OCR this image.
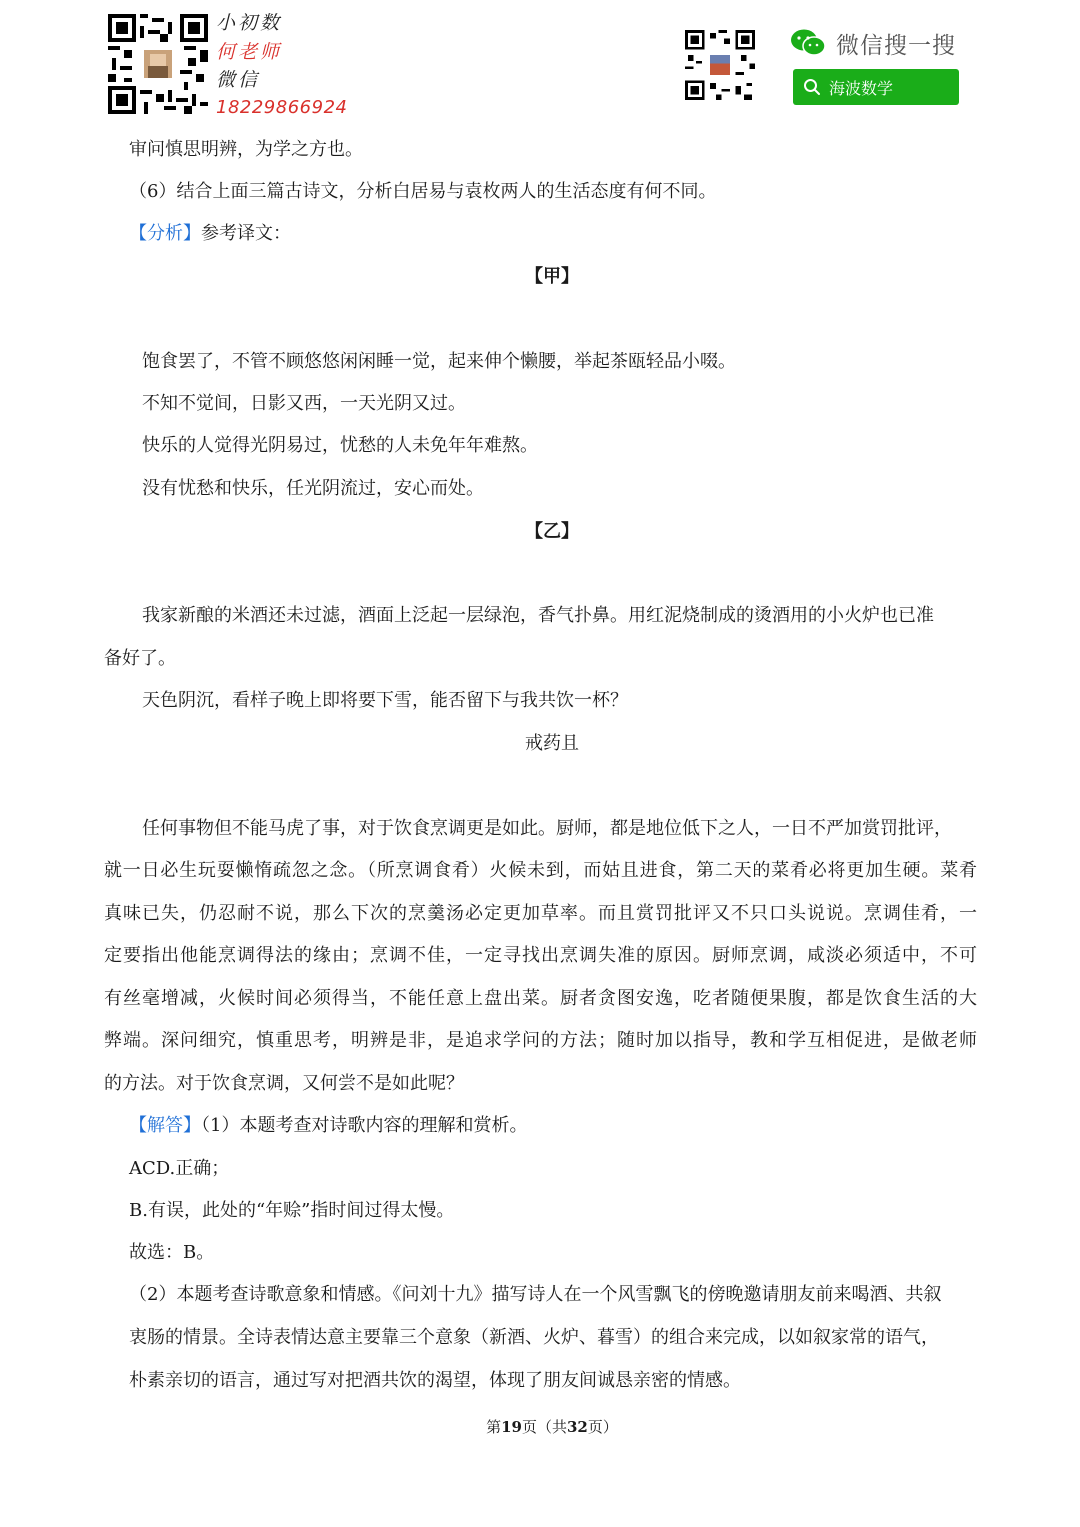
小初数
何老师
微信
18229866924
微信搜一搜
海波数学
审问慎思明辨，为学之方也。
（6）结合上面三篇古诗文，分析白居易与袁枚两人的生活态度有何不同。
【分析】参考译文：
【甲】
饱食罢了，不管不顾悠悠闲闲睡一觉，起来伸个懒腰，举起茶瓯轻品小啜。
不知不觉间，日影又西，一天光阴又过。
快乐的人觉得光阴易过，忧愁的人未免年年难熬。
没有忧愁和快乐，任光阴流过，安心而处。
【乙】
我家新酿的米酒还未过滤，酒面上泛起一层绿泡，香气扑鼻。用红泥烧制成的烫酒用的小火炉也已准
备好了。
天色阴沉，看样子晚上即将要下雪，能否留下与我共饮一杯？
戒药且
任何事物但不能马虎了事，对于饮食烹调更是如此。厨师，都是地位低下之人，一日不严加赏罚批评，
就一日必生玩耍懒惰疏忽之念。（所烹调食肴）火候未到，而姑且进食，第二天的菜肴必将更加生硬。菜肴
真味已失，仍忍耐不说，那么下次的烹羹汤必定更加草率。而且赏罚批评又不只口头说说。烹调佳肴，一
定要指出他能烹调得法的缘由；烹调不佳，一定寻找出烹调失准的原因。厨师烹调，咸淡必须适中，不可
有丝毫增减，火候时间必须得当，不能任意上盘出菜。厨者贪图安逸，吃者随便果腹，都是饮食生活的大
弊端。深问细究，慎重思考，明辨是非，是追求学问的方法；随时加以指导，教和学互相促进，是做老师
的方法。对于饮食烹调，又何尝不是如此呢？
【解答】（1）本题考查对诗歌内容的理解和赏析。
ACD.正确；
B.有误，此处的“年赊”指时间过得太慢。
故选：B。
（2）本题考查诗歌意象和情感。《问刘十九》描写诗人在一个风雪飘飞的傍晚邀请朋友前来喝酒、共叙
衷肠的情景。全诗表情达意主要靠三个意象（新酒、火炉、暮雪）的组合来完成，以如叙家常的语气，
朴素亲切的语言，通过写对把酒共饮的渴望，体现了朋友间诚恳亲密的情感。
第19页（共32页）
